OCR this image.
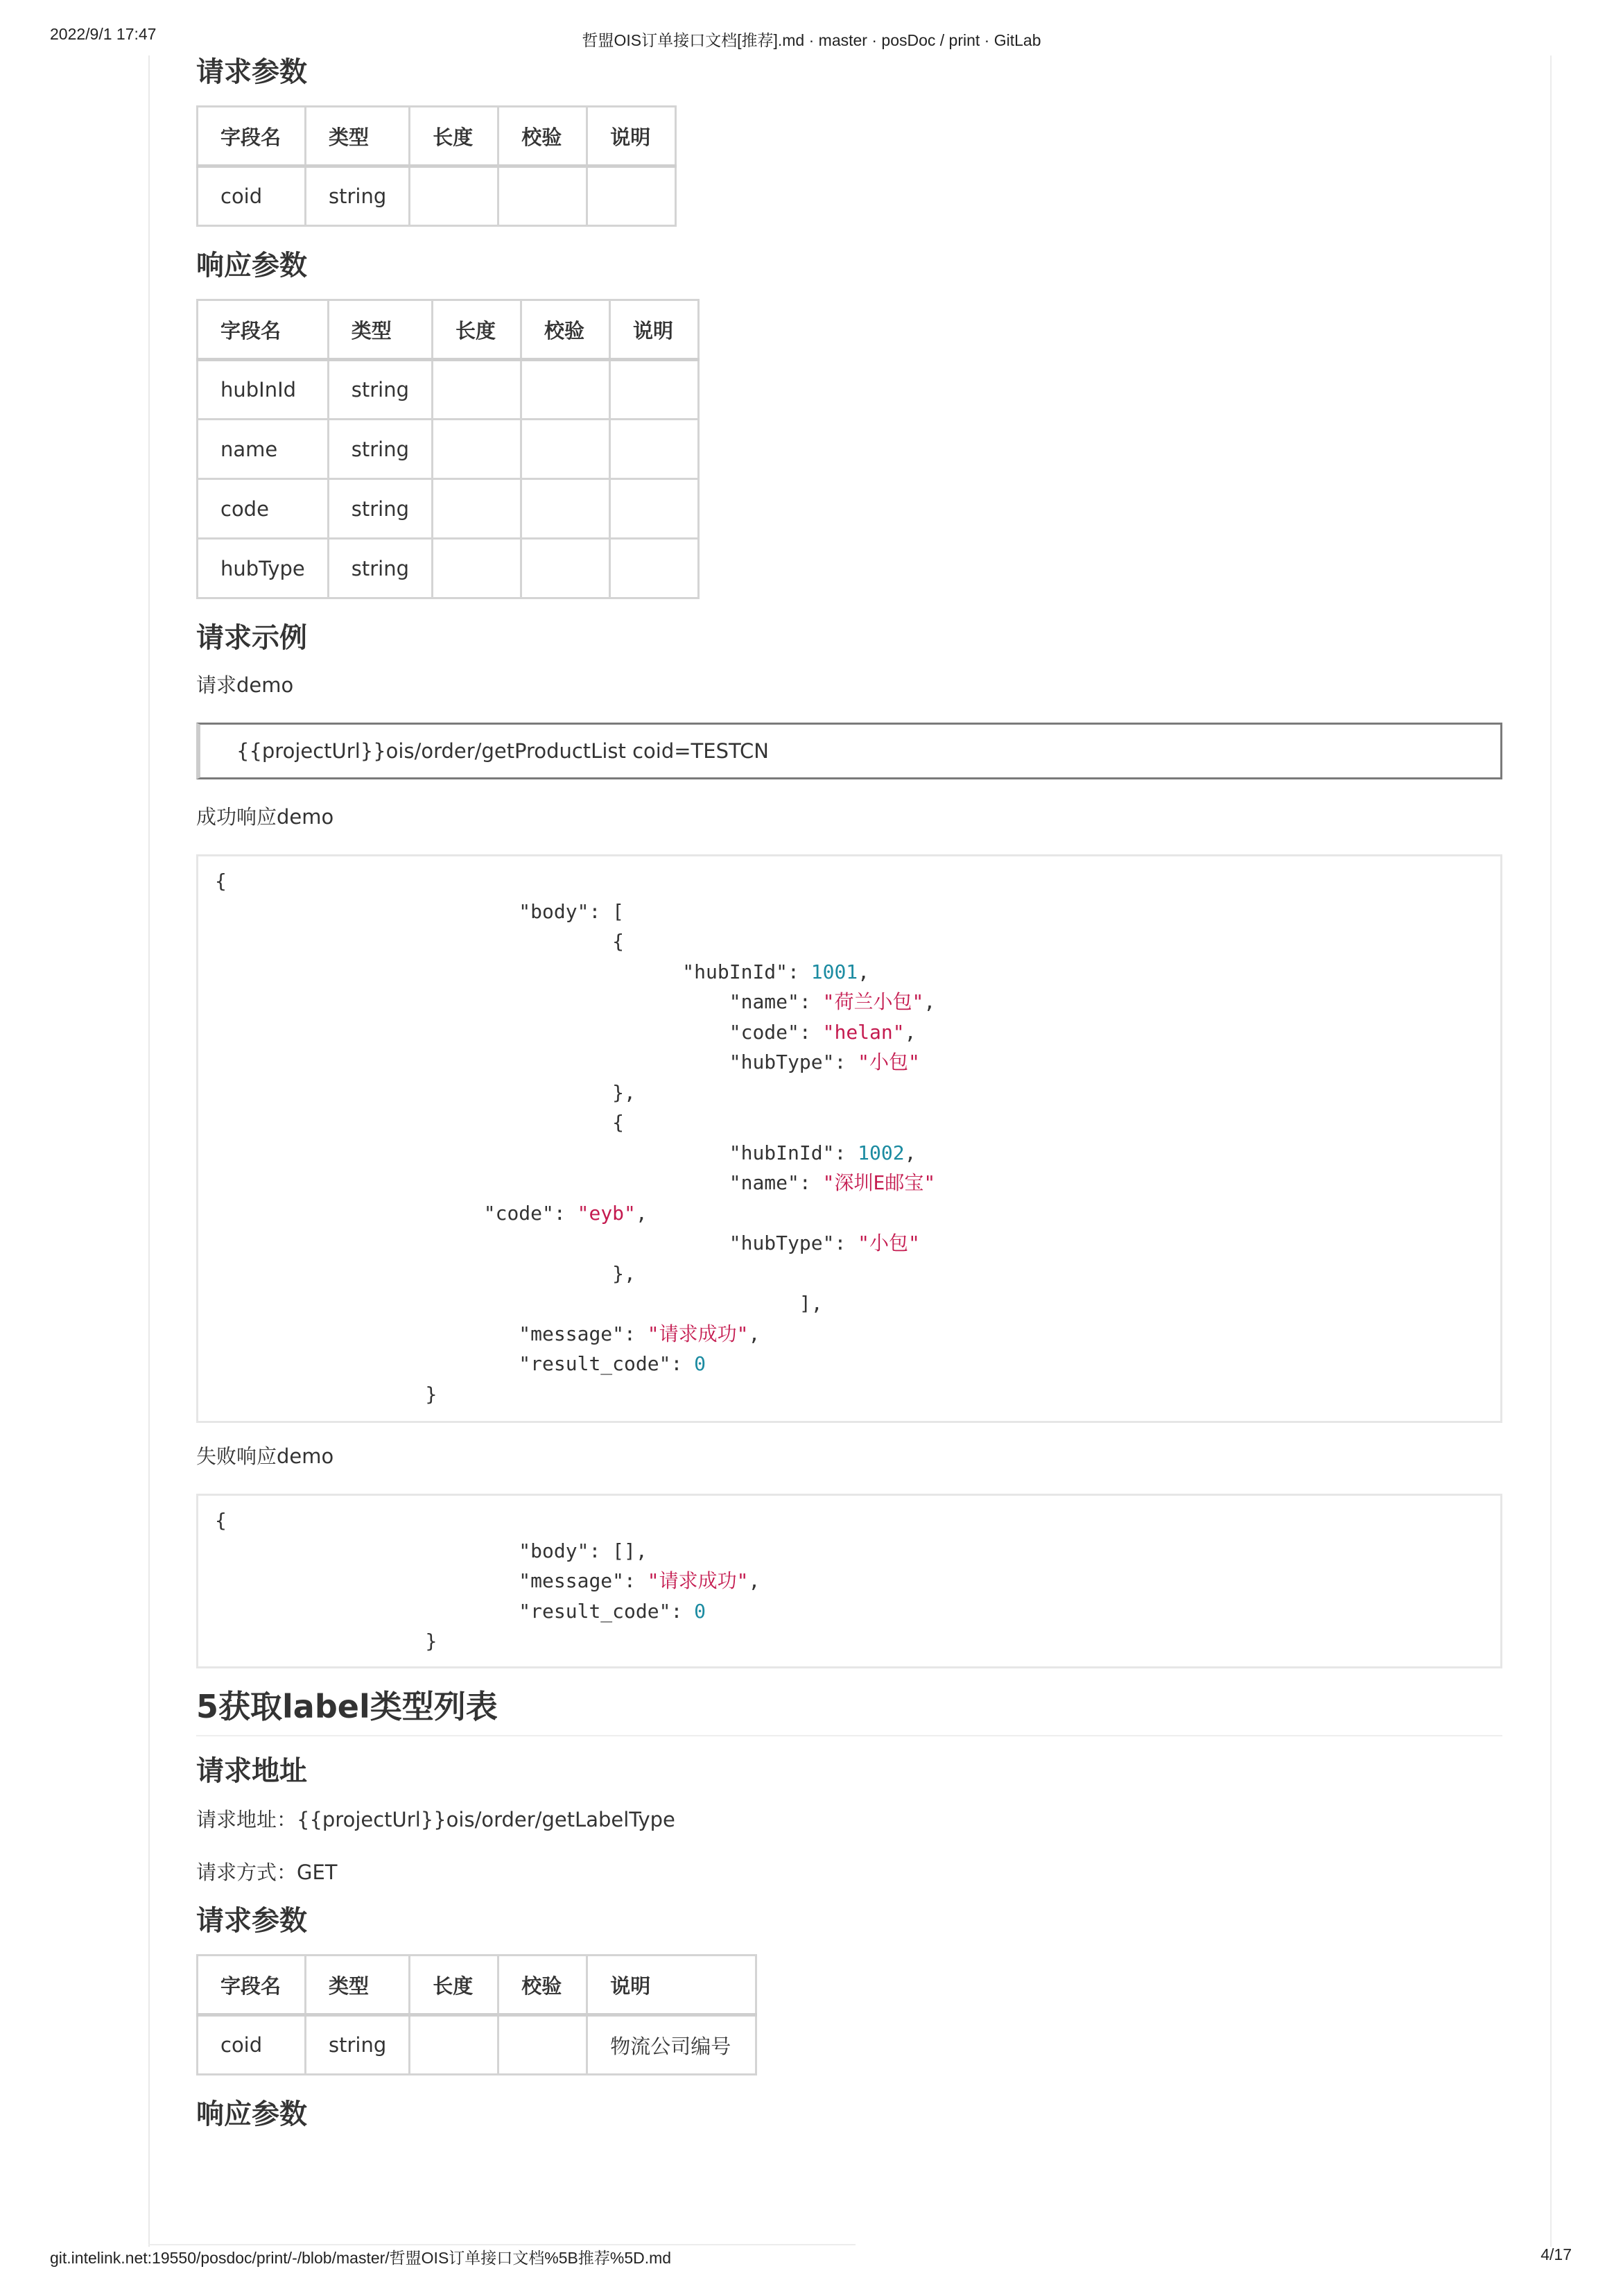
2022/9/1 17:47	哲盟OIS订单接口文档[推荐].md · master · posDoc / print · GitLab
请求参数
字段名	类型	长度	校验	说明
coid	string			
响应参数
字段名	类型	长度	校验	说明
hubInId	string			
name	string			
code	string			
hubType	string			
请求示例

请求demo

{{projectUrl}}ois/order/getProductList coid=TESTCN

成功响应demo

{
"body": [
{
"hubInId": 1001,
"name": "荷兰小包",
"code": "helan",
"hubType": "小包"
},
{
"hubInId": 1002,
"name": "深圳E邮宝"
"code": "eyb",
"hubType": "小包"
},
],
"message": "请求成功",
"result_code": 0
}

失败响应demo

{
"body": [],
"message": "请求成功",
"result_code": 0
}
5获取label类型列表
请求地址

请求地址：{{projectUrl}}ois/order/getLabelType

请求方式：GET

请求参数
字段名	类型	长度	校验	说明
coid	string			物流公司编号
响应参数
git.intelink.net:19550/posdoc/print/-/blob/master/哲盟OIS订单接口文档%5B推荐%5D.md	4/17
